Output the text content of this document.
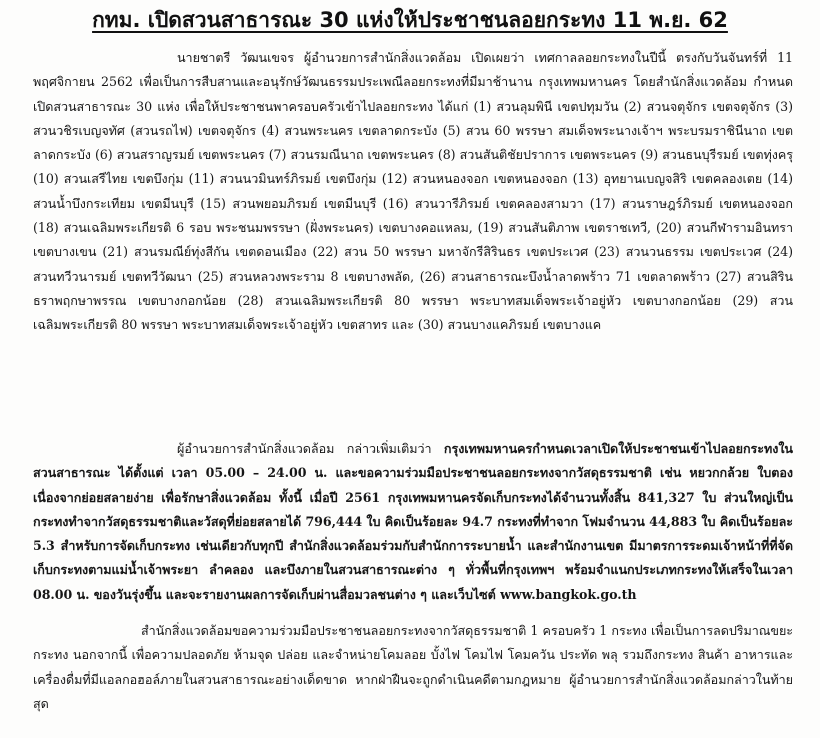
กทม. เปิดสวนสาธารณะ 30 แห่งให้ประชาชนลอยกระทง 11 พ.ย. 62

นายชาตรี วัฒนเขจร ผู้อำนวยการสำนักสิ่งแวดล้อม เปิดเผยว่า เทศกาลลอยกระทงในปีนี้ ตรงกับวันจันทร์ที่ 11 พฤศจิกายน 2562 เพื่อเป็นการสืบสานและอนุรักษ์วัฒนธรรมประเพณีลอยกระทงที่มีมาช้านาน กรุงเทพมหานคร โดยสำนักสิ่งแวดล้อม กำหนดเปิดสวนสาธารณะ 30 แห่ง เพื่อให้ประชาชนพาครอบครัวเข้าไปลอยกระทง ได้แก่ (1) สวนลุมพินี เขตปทุมวัน (2) สวนจตุจักร เขตจตุจักร (3) สวนวชิรเบญจทัศ (สวนรถไฟ) เขตจตุจักร (4) สวนพระนคร เขตลาดกระบัง (5) สวน 60 พรรษา สมเด็จพระนางเจ้าฯ พระบรมราชินีนาถ เขตลาดกระบัง (6) สวนสราญรมย์ เขตพระนคร (7) สวนรมณีนาถ เขตพระนคร (8) สวนสันติชัยปราการ เขตพระนคร (9) สวนธนบุรีรมย์ เขตทุ่งครุ (10) สวนเสรีไทย เขตบึงกุ่ม (11) สวนนวมินทร์ภิรมย์ เขตบึงกุ่ม (12) สวนหนองจอก เขตหนองจอก (13) อุทยานเบญจสิริ เขตคลองเตย (14) สวนน้ำบึงกระเทียม เขตมีนบุรี (15) สวนพยอมภิรมย์ เขตมีนบุรี (16) สวนวารีภิรมย์ เขตคลองสามวา (17) สวนราษฎร์ภิรมย์ เขตหนองจอก (18) สวนเฉลิมพระเกียรติ 6 รอบ พระชนมพรรษา (ฝั่งพระนคร) เขตบางคอแหลม, (19) สวนสันติภาพ เขตราชเทวี, (20) สวนกีฬารามอินทรา เขตบางเขน (21) สวนรมณีย์ทุ่งสีกัน เขตดอนเมือง (22) สวน 50 พรรษา มหาจักรีสิรินธร เขตประเวศ (23) สวนวนธรรม เขตประเวศ (24) สวนทวีวนารมย์ เขตทวีวัฒนา (25) สวนหลวงพระราม 8 เขตบางพลัด, (26) สวนสาธารณะบึงน้ำลาดพร้าว 71 เขตลาดพร้าว (27) สวนสิรินธราพฤกษาพรรณ เขตบางกอกน้อย (28) สวนเฉลิมพระเกียรติ 80 พรรษา พระบาทสมเด็จพระเจ้าอยู่หัว เขตบางกอกน้อย (29) สวนเฉลิมพระเกียรติ 80 พรรษา พระบาทสมเด็จพระเจ้าอยู่หัว เขตสาทร และ (30) สวนบางแคภิรมย์ เขตบางแค

ผู้อำนวยการสำนักสิ่งแวดล้อม กล่าวเพิ่มเติมว่า กรุงเทพมหานครกำหนดเวลาเปิดให้ประชาชนเข้าไปลอยกระทงในสวนสาธารณะ ได้ตั้งแต่ เวลา 05.00 – 24.00 น. และขอความร่วมมือประชาชนลอยกระทงจากวัสดุธรรมชาติ เช่น หยวกกล้วย ใบตอง เนื่องจากย่อยสลายง่าย เพื่อรักษาสิ่งแวดล้อม ทั้งนี้ เมื่อปี 2561 กรุงเทพมหานครจัดเก็บกระทงได้จำนวนทั้งสิ้น 841,327 ใบ ส่วนใหญ่เป็นกระทงทำจากวัสดุธรรมชาติและวัสดุที่ย่อยสลายได้ 796,444 ใบ คิดเป็นร้อยละ 94.7 กระทงที่ทำจาก โฟมจำนวน 44,883 ใบ คิดเป็นร้อยละ 5.3 สำหรับการจัดเก็บกระทง เช่นเดียวกับทุกปี สำนักสิ่งแวดล้อมร่วมกับสำนักการระบายน้ำ และสำนักงานเขต มีมาตรการระดมเจ้าหน้าที่ที่จัดเก็บกระทงตามแม่น้ำเจ้าพระยา ลำคลอง และบึงภายในสวนสาธารณะต่าง ๆ ทั่วพื้นที่กรุงเทพฯ พร้อมจำแนกประเภทกระทงให้เสร็จในเวลา 08.00 น. ของวันรุ่งขึ้น และจะรายงานผลการจัดเก็บผ่านสื่อมวลชนต่าง ๆ และเว็บไซต์ www.bangkok.go.th

สำนักสิ่งแวดล้อมขอความร่วมมือประชาชนลอยกระทงจากวัสดุธรรมชาติ 1 ครอบครัว 1 กระทง เพื่อเป็นการลดปริมาณขยะกระทง นอกจากนี้ เพื่อความปลอดภัย ห้ามจุด ปล่อย และจำหน่ายโคมลอย บั้งไฟ โคมไฟ โคมควัน ประทัด พลุ รวมถึงกระทง สินค้า อาหารและเครื่องดื่มที่มีแอลกอฮอล์ภายในสวนสาธารณะอย่างเด็ดขาด หากฝ่าฝืนจะถูกดำเนินคดีตามกฎหมาย ผู้อำนวยการสำนักสิ่งแวดล้อมกล่าวในท้ายสุด
